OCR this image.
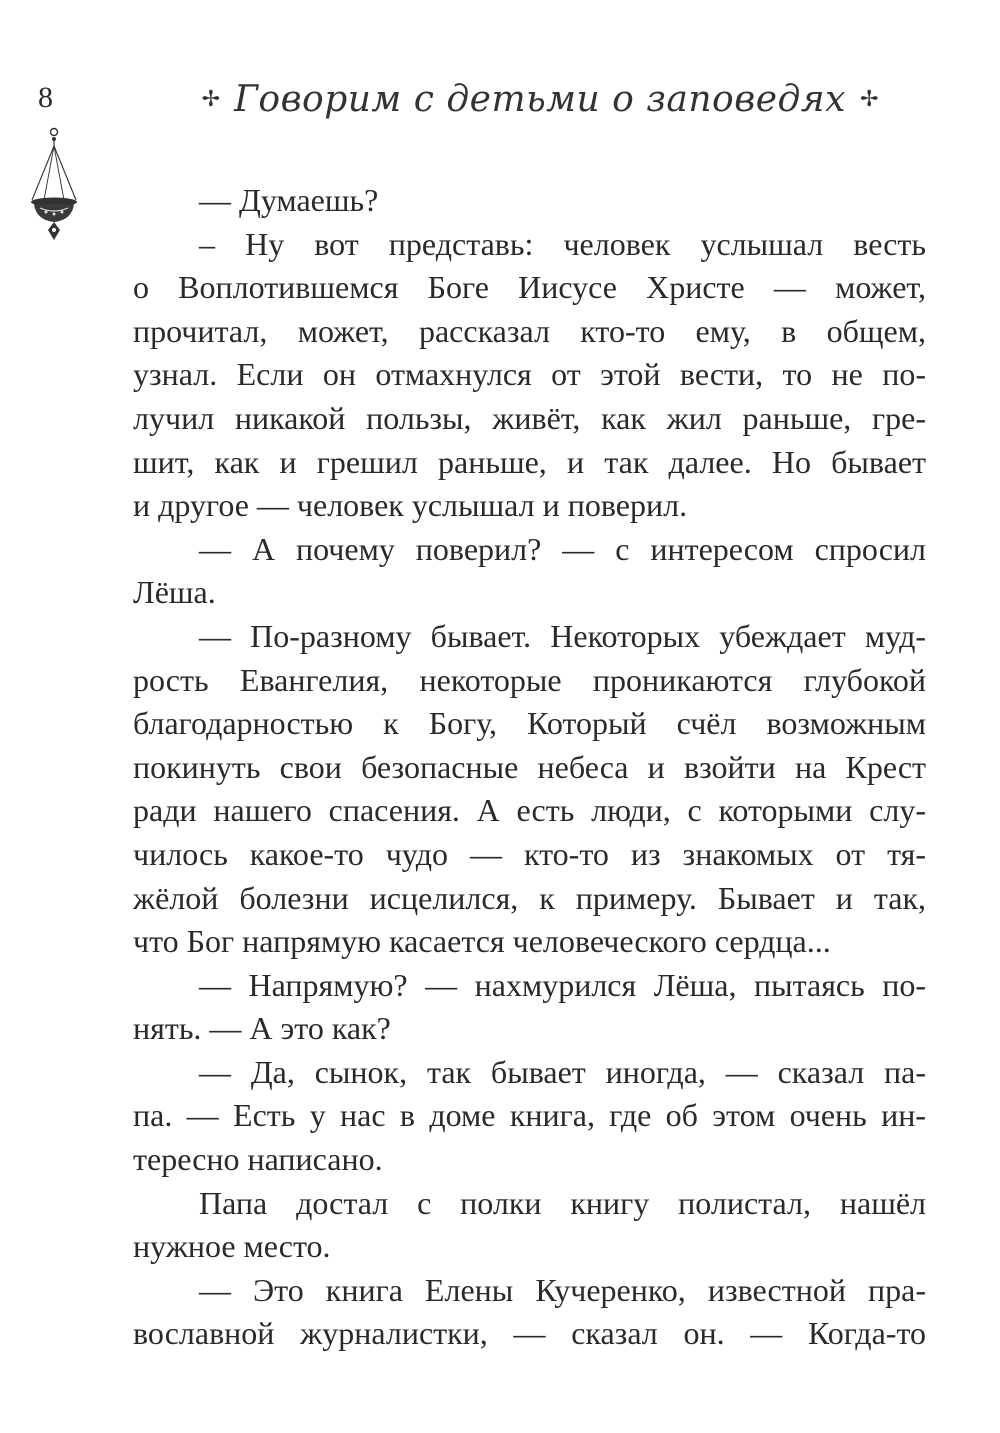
8	✢ Говорим с детьми о заповедях ✢
— Думаешь?
– Ну вот представь: человек услышал весть
о Воплотившемся Боге Иисусе Христе — может,
прочитал, может, рассказал кто-то ему, в общем,
узнал. Если он отмахнулся от этой вести, то не по-
лучил никакой пользы, живёт, как жил раньше, гре-
шит, как и грешил раньше, и так далее. Но бывает
и другое — человек услышал и поверил.
— А почему поверил? — с интересом спросил
Лёша.
— По-разному бывает. Некоторых убеждает муд-
рость Евангелия, некоторые проникаются глубокой
благодарностью к Богу, Который счёл возможным
покинуть свои безопасные небеса и взойти на Крест
ради нашего спасения. А есть люди, с которыми слу-
чилось какое-то чудо — кто-то из знакомых от тя-
жёлой болезни исцелился, к примеру. Бывает и так,
что Бог напрямую касается человеческого сердца...
— Напрямую? — нахмурился Лёша, пытаясь по-
нять. — А это как?
— Да, сынок, так бывает иногда, — сказал па-
па. — Есть у нас в доме книга, где об этом очень ин-
тересно написано.
Папа достал с полки книгу полистал, нашёл
нужное место.
— Это книга Елены Кучеренко, известной пра-
вославной журналистки, — сказал он. — Когда-то
